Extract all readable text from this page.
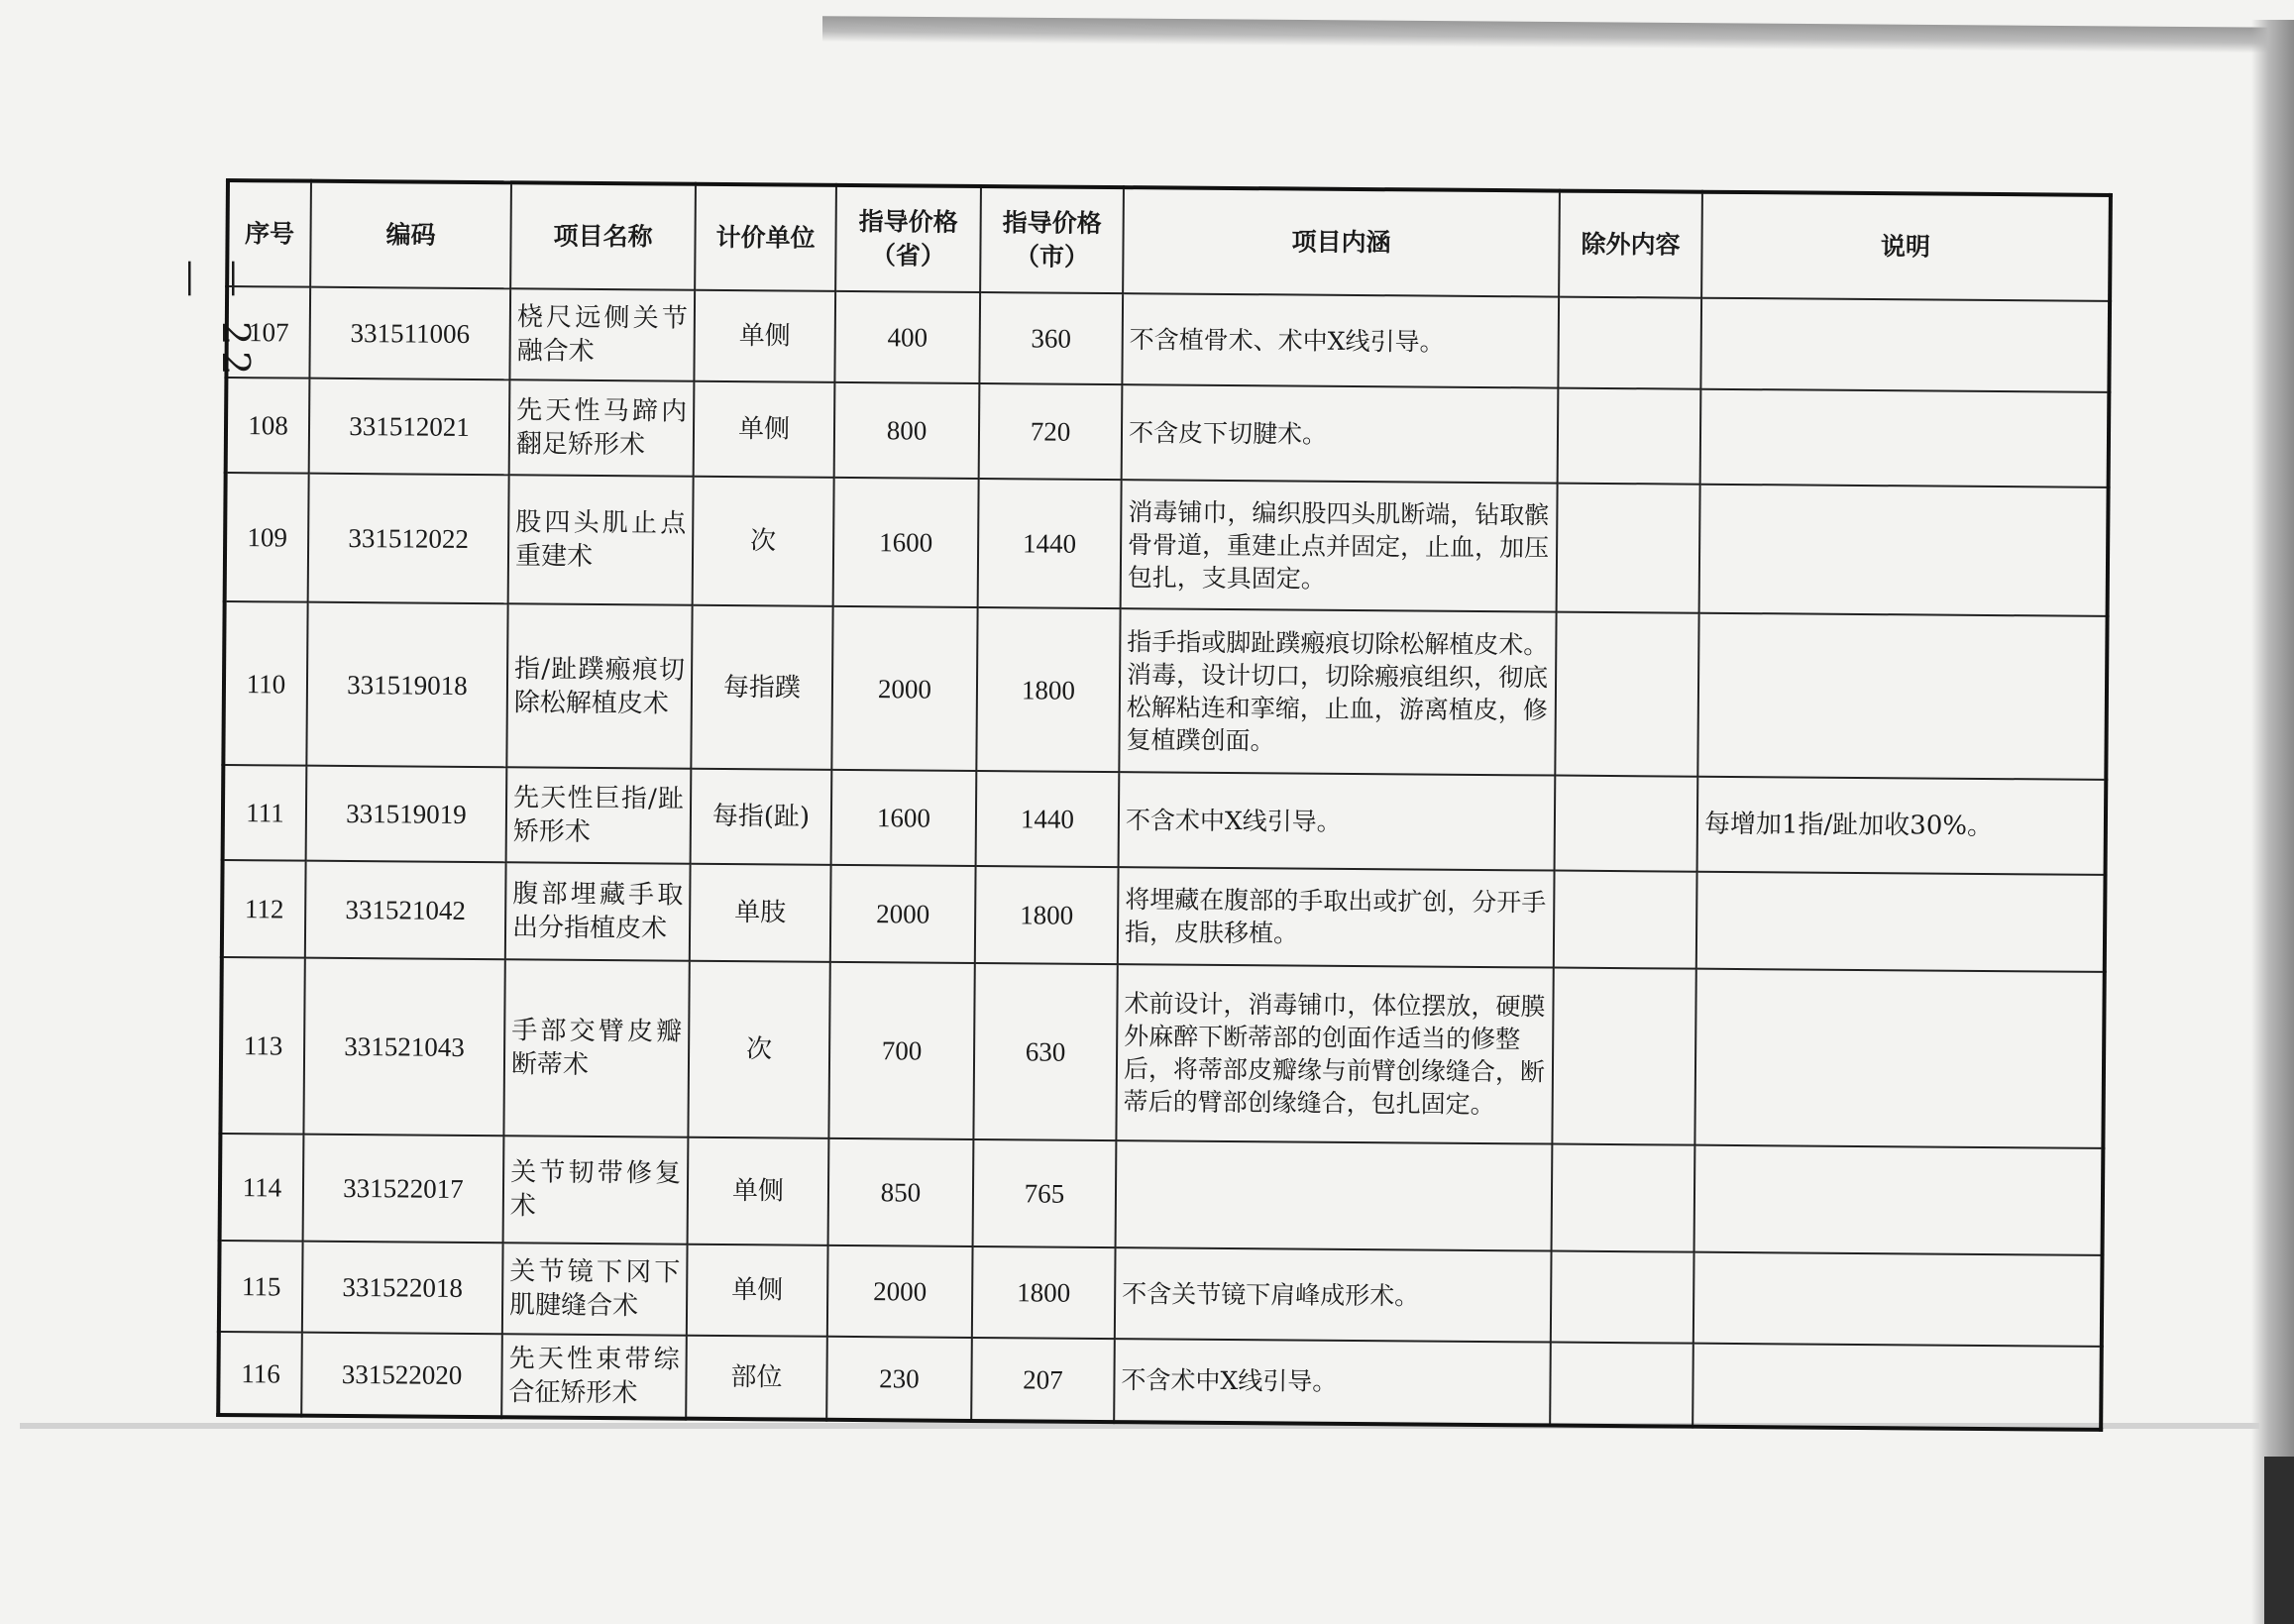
— 22 —
序号	编码	项目名称	计价单位	指导价格（省）	指导价格（市）	项目内涵	除外内容	说明
107	331511006	桡尺远侧关节融合术	单侧	400	360	不含植骨术、术中X线引导。		
108	331512021	先天性马蹄内翻足矫形术	单侧	800	720	不含皮下切腱术。		
109	331512022	股四头肌止点重建术	次	1600	1440	消毒铺巾，编织股四头肌断端，钻取髌骨骨道，重建止点并固定，止血，加压包扎，支具固定。		
110	331519018	指/趾蹼瘢痕切除松解植皮术	每指蹼	2000	1800	指手指或脚趾蹼瘢痕切除松解植皮术。消毒，设计切口，切除瘢痕组织，彻底松解粘连和挛缩，止血，游离植皮，修复植蹼创面。		
111	331519019	先天性巨指/趾矫形术	每指(趾)	1600	1440	不含术中X线引导。		每增加1指/趾加收30%。
112	331521042	腹部埋藏手取出分指植皮术	单肢	2000	1800	将埋藏在腹部的手取出或扩创，分开手指，皮肤移植。		
113	331521043	手部交臂皮瓣断蒂术	次	700	630	术前设计，消毒铺巾，体位摆放，硬膜外麻醉下断蒂部的创面作适当的修整后，将蒂部皮瓣缘与前臂创缘缝合，断蒂后的臂部创缘缝合，包扎固定。		
114	331522017	关节韧带修复术	单侧	850	765			
115	331522018	关节镜下冈下肌腱缝合术	单侧	2000	1800	不含关节镜下肩峰成形术。		
116	331522020	先天性束带综合征矫形术	部位	230	207	不含术中X线引导。		
